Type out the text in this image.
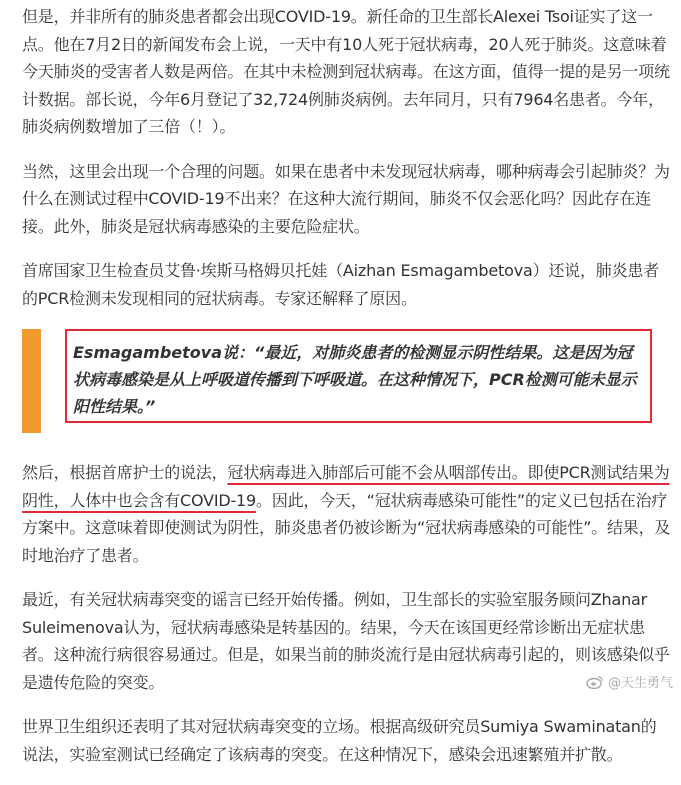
但是，并非所有的肺炎患者都会出现COVID-19。新任命的卫生部长Alexei Tsoi证实了这一点。他在7月2日的新闻发布会上说，一天中有10人死于冠状病毒，20人死于肺炎。这意味着今天肺炎的受害者人数是两倍。在其中未检测到冠状病毒。在这方面，值得一提的是另一项统计数据。部长说，今年6月登记了32,724例肺炎病例。去年同月，只有7964名患者。今年，肺炎病例数增加了三倍（！）。

当然，这里会出现一个合理的问题。如果在患者中未发现冠状病毒，哪种病毒会引起肺炎？为什么在测试过程中COVID-19不出来？在这种大流行期间，肺炎不仅会恶化吗？因此存在连接。此外，肺炎是冠状病毒感染的主要危险症状。

首席国家卫生检查员艾鲁·埃斯马格姆贝托娃（Aizhan Esmagambetova）还说，肺炎患者的PCR检测未发现相同的冠状病毒。专家还解释了原因。

Esmagambetova说：“最近，对肺炎患者的检测显示阴性结果。这是因为冠状病毒感染是从上呼吸道传播到下呼吸道。在这种情况下，PCR检测可能未显示阳性结果。”

然后，根据首席护士的说法，冠状病毒进入肺部后可能不会从咽部传出。即使PCR测试结果为阴性，人体中也会含有COVID-19。因此，今天，“冠状病毒感染可能性”的定义已包括在治疗方案中。这意味着即使测试为阴性，肺炎患者仍被诊断为“冠状病毒感染的可能性”。结果，及时地治疗了患者。

最近，有关冠状病毒突变的谣言已经开始传播。例如，卫生部长的实验室服务顾问Zhanar Suleimenova认为，冠状病毒感染是转基因的。结果，今天在该国更经常诊断出无症状患者。这种流行病很容易通过。但是，如果当前的肺炎流行是由冠状病毒引起的，则该感染似乎是遗传危险的突变。

世界卫生组织还表明了其对冠状病毒突变的立场。根据高级研究员Sumiya Swaminatan的说法，实验室测试已经确定了该病毒的突变。在这种情况下，感染会迅速繁殖并扩散。

@天生勇气
